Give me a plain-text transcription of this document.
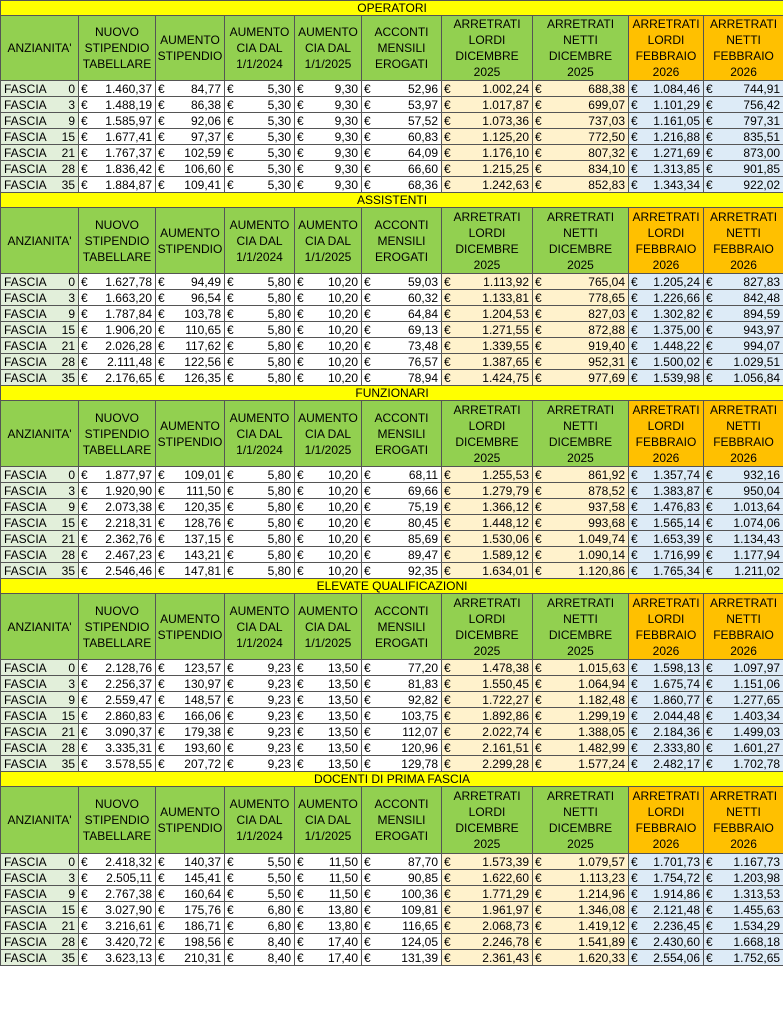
OPERATORI									
ANZIANITA'	NUOVO STIPENDIO TABELLARE	AUMENTO STIPENDIO	AUMENTO CIA DAL 1/1/2024	AUMENTO CIA DAL 1/1/2025	ACCONTI MENSILI EROGATI	ARRETRATI LORDI DICEMBRE 2025	ARRETRATI NETTI DICEMBRE 2025	ARRETRATI LORDI FEBBRAIO 2026	ARRETRATI NETTI FEBBRAIO 2026

FASCIA 0	€ 1.460,37	€ 84,77	€ 5,30	€ 9,30	€ 52,96	€ 1.002,24	€ 688,38	€ 1.084,46	€ 744,91

FASCIA 3	€ 1.488,19	€ 86,38	€ 5,30	€ 9,30	€ 53,97	€ 1.017,87	€ 699,07	€ 1.101,29	€ 756,42

FASCIA 9	€ 1.585,97	€ 92,06	€ 5,30	€ 9,30	€ 57,52	€ 1.073,36	€ 737,03	€ 1.161,05	€ 797,31

FASCIA 15	€ 1.677,41	€ 97,37	€ 5,30	€ 9,30	€ 60,83	€ 1.125,20	€ 772,50	€ 1.216,88	€ 835,51

FASCIA 21	€ 1.767,37	€ 102,59	€ 5,30	€ 9,30	€ 64,09	€ 1.176,10	€ 807,32	€ 1.271,69	€ 873,00

FASCIA 28	€ 1.836,42	€ 106,60	€ 5,30	€ 9,30	€ 66,60	€ 1.215,25	€ 834,10	€ 1.313,85	€ 901,85

FASCIA 35	€ 1.884,87	€ 109,41	€ 5,30	€ 9,30	€ 68,36	€ 1.242,63	€ 852,83	€ 1.343,34	€ 922,02
ASSISTENTI									
ANZIANITA'	NUOVO STIPENDIO TABELLARE	AUMENTO STIPENDIO	AUMENTO CIA DAL 1/1/2024	AUMENTO CIA DAL 1/1/2025	ACCONTI MENSILI EROGATI	ARRETRATI LORDI DICEMBRE 2025	ARRETRATI NETTI DICEMBRE 2025	ARRETRATI LORDI FEBBRAIO 2026	ARRETRATI NETTI FEBBRAIO 2026

FASCIA 0	€ 1.627,78	€ 94,49	€ 5,80	€ 10,20	€ 59,03	€ 1.113,92	€ 765,04	€ 1.205,24	€ 827,83

FASCIA 3	€ 1.663,20	€ 96,54	€ 5,80	€ 10,20	€ 60,32	€ 1.133,81	€ 778,65	€ 1.226,66	€ 842,48

FASCIA 9	€ 1.787,84	€ 103,78	€ 5,80	€ 10,20	€ 64,84	€ 1.204,53	€ 827,03	€ 1.302,82	€ 894,59

FASCIA 15	€ 1.906,20	€ 110,65	€ 5,80	€ 10,20	€ 69,13	€ 1.271,55	€ 872,88	€ 1.375,00	€ 943,97

FASCIA 21	€ 2.026,28	€ 117,62	€ 5,80	€ 10,20	€ 73,48	€ 1.339,55	€ 919,40	€ 1.448,22	€ 994,07

FASCIA 28	€ 2.111,48	€ 122,56	€ 5,80	€ 10,20	€ 76,57	€ 1.387,65	€ 952,31	€ 1.500,02	€ 1.029,51

FASCIA 35	€ 2.176,65	€ 126,35	€ 5,80	€ 10,20	€ 78,94	€ 1.424,75	€ 977,69	€ 1.539,98	€ 1.056,84
FUNZIONARI									
ANZIANITA'	NUOVO STIPENDIO TABELLARE	AUMENTO STIPENDIO	AUMENTO CIA DAL 1/1/2024	AUMENTO CIA DAL 1/1/2025	ACCONTI MENSILI EROGATI	ARRETRATI LORDI DICEMBRE 2025	ARRETRATI NETTI DICEMBRE 2025	ARRETRATI LORDI FEBBRAIO 2026	ARRETRATI NETTI FEBBRAIO 2026

FASCIA 0	€ 1.877,97	€ 109,01	€ 5,80	€ 10,20	€ 68,11	€ 1.255,53	€ 861,92	€ 1.357,74	€ 932,16

FASCIA 3	€ 1.920,90	€ 111,50	€ 5,80	€ 10,20	€ 69,66	€ 1.279,79	€ 878,52	€ 1.383,87	€ 950,04

FASCIA 9	€ 2.073,38	€ 120,35	€ 5,80	€ 10,20	€ 75,19	€ 1.366,12	€ 937,58	€ 1.476,83	€ 1.013,64

FASCIA 15	€ 2.218,31	€ 128,76	€ 5,80	€ 10,20	€ 80,45	€ 1.448,12	€ 993,68	€ 1.565,14	€ 1.074,06

FASCIA 21	€ 2.362,76	€ 137,15	€ 5,80	€ 10,20	€ 85,69	€ 1.530,06	€ 1.049,74	€ 1.653,39	€ 1.134,43

FASCIA 28	€ 2.467,23	€ 143,21	€ 5,80	€ 10,20	€ 89,47	€ 1.589,12	€ 1.090,14	€ 1.716,99	€ 1.177,94

FASCIA 35	€ 2.546,46	€ 147,81	€ 5,80	€ 10,20	€ 92,35	€ 1.634,01	€ 1.120,86	€ 1.765,34	€ 1.211,02
ELEVATE QUALIFICAZIONI									
ANZIANITA'	NUOVO STIPENDIO TABELLARE	AUMENTO STIPENDIO	AUMENTO CIA DAL 1/1/2024	AUMENTO CIA DAL 1/1/2025	ACCONTI MENSILI EROGATI	ARRETRATI LORDI DICEMBRE 2025	ARRETRATI NETTI DICEMBRE 2025	ARRETRATI LORDI FEBBRAIO 2026	ARRETRATI NETTI FEBBRAIO 2026

FASCIA 0	€ 2.128,76	€ 123,57	€ 9,23	€ 13,50	€ 77,20	€ 1.478,38	€ 1.015,63	€ 1.598,13	€ 1.097,97

FASCIA 3	€ 2.256,37	€ 130,97	€ 9,23	€ 13,50	€ 81,83	€ 1.550,45	€ 1.064,94	€ 1.675,74	€ 1.151,06

FASCIA 9	€ 2.559,47	€ 148,57	€ 9,23	€ 13,50	€ 92,82	€ 1.722,27	€ 1.182,48	€ 1.860,77	€ 1.277,65

FASCIA 15	€ 2.860,83	€ 166,06	€ 9,23	€ 13,50	€ 103,75	€ 1.892,86	€ 1.299,19	€ 2.044,48	€ 1.403,34

FASCIA 21	€ 3.090,37	€ 179,38	€ 9,23	€ 13,50	€ 112,07	€ 2.022,74	€ 1.388,05	€ 2.184,36	€ 1.499,03

FASCIA 28	€ 3.335,31	€ 193,60	€ 9,23	€ 13,50	€ 120,96	€ 2.161,51	€ 1.482,99	€ 2.333,80	€ 1.601,27

FASCIA 35	€ 3.578,55	€ 207,72	€ 9,23	€ 13,50	€ 129,78	€ 2.299,28	€ 1.577,24	€ 2.482,17	€ 1.702,78
DOCENTI DI PRIMA FASCIA									
ANZIANITA'	NUOVO STIPENDIO TABELLARE	AUMENTO STIPENDIO	AUMENTO CIA DAL 1/1/2024	AUMENTO CIA DAL 1/1/2025	ACCONTI MENSILI EROGATI	ARRETRATI LORDI DICEMBRE 2025	ARRETRATI NETTI DICEMBRE 2025	ARRETRATI LORDI FEBBRAIO 2026	ARRETRATI NETTI FEBBRAIO 2026

FASCIA 0	€ 2.418,32	€ 140,37	€ 5,50	€ 11,50	€ 87,70	€ 1.573,39	€ 1.079,57	€ 1.701,73	€ 1.167,73

FASCIA 3	€ 2.505,11	€ 145,41	€ 5,50	€ 11,50	€ 90,85	€ 1.622,60	€ 1.113,23	€ 1.754,72	€ 1.203,98

FASCIA 9	€ 2.767,38	€ 160,64	€ 5,50	€ 11,50	€ 100,36	€ 1.771,29	€ 1.214,96	€ 1.914,86	€ 1.313,53

FASCIA 15	€ 3.027,90	€ 175,76	€ 6,80	€ 13,80	€ 109,81	€ 1.961,97	€ 1.346,08	€ 2.121,48	€ 1.455,63

FASCIA 21	€ 3.216,61	€ 186,71	€ 6,80	€ 13,80	€ 116,65	€ 2.068,73	€ 1.419,12	€ 2.236,45	€ 1.534,29

FASCIA 28	€ 3.420,72	€ 198,56	€ 8,40	€ 17,40	€ 124,05	€ 2.246,78	€ 1.541,89	€ 2.430,60	€ 1.668,18

FASCIA 35	€ 3.623,13	€ 210,31	€ 8,40	€ 17,40	€ 131,39	€ 2.361,43	€ 1.620,33	€ 2.554,06	€ 1.752,65
